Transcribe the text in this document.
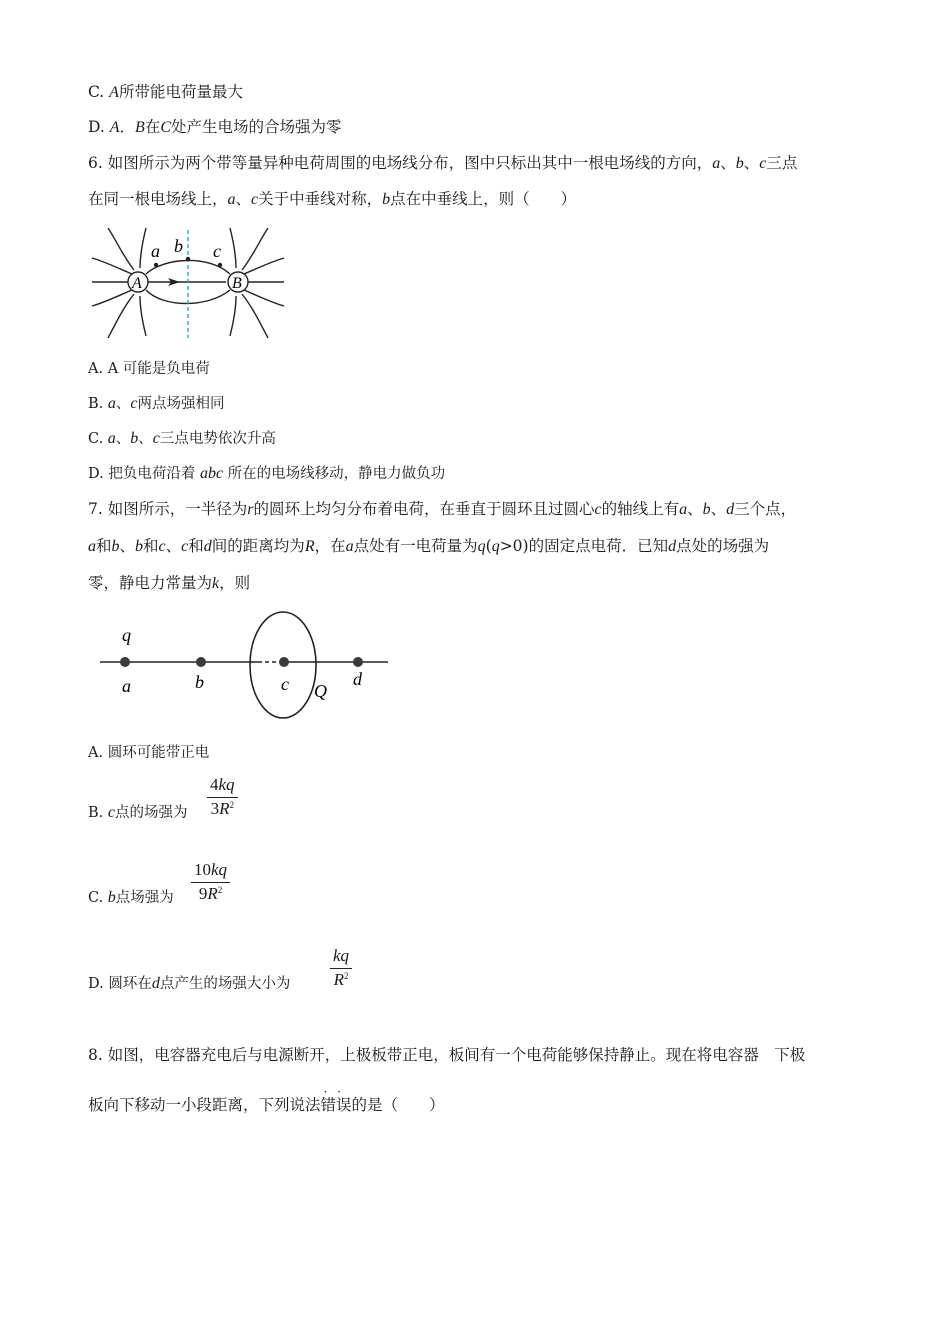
C. A所带能电荷量最大
D. A．B在C处产生电场的合场强为零
6. 如图所示为两个带等量异种电荷周围的电场线分布，图中只标出其中一根电场线的方向，a、b、c三点
在同一根电场线上，a、c关于中垂线对称，b点在中垂线上，则（　　）
A	B
a b c
A. A 可能是负电荷
B. a、c两点场强相同
C. a、b、c三点电势依次升高
D. 把负电荷沿着 abc 所在的电场线移动，静电力做负功
7. 如图所示，一半径为r的圆环上均匀分布着电荷，在垂直于圆环且过圆心c的轴线上有a、b、d三个点，
a和b、b和c、c和d间的距离均为R，在a点处有一电荷量为q(q>0)的固定点电荷．已知d点处的场强为
零，静电力常量为k，则
q
a	b	c Q
d
A. 圆环可能带正电
B. c点的场强为 $\frac{4kq}{3R^2}$
C. b点场强为 $\frac{10kq}{9R^2}$
D. 圆环在d点产生的场强大小为 $\frac{kq}{R^2}$
8. 如图，电容器充电后与电源断开，上极板带正电，板间有一个电荷能够保持静止。现在将电容器　 下极
板向下移动一小段距离，下列说法错误 · ·的是（　　）
